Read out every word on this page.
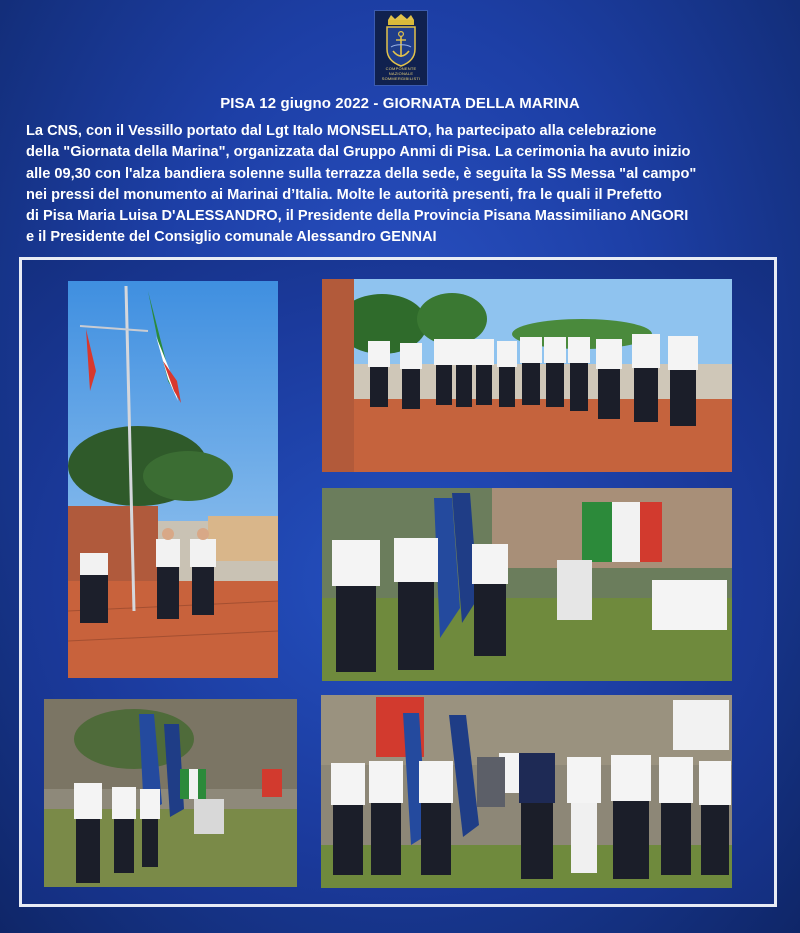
COMPONENTE NAZIONALE
SOMMERGIBILISTI
PISA 12 giugno 2022 - GIORNATA DELLA MARINA
La CNS, con il Vessillo portato dal Lgt Italo MONSELLATO, ha partecipato alla celebrazione
della "Giornata della Marina", organizzata dal Gruppo Anmi di Pisa. La cerimonia ha avuto inizio
alle 09,30 con l'alza bandiera solenne sulla terrazza della sede, è seguita la SS Messa "al campo"
nei pressi del monumento ai Marinai d’Italia. Molte le autorità presenti, fra le quali il Prefetto
di Pisa Maria Luisa D'ALESSANDRO, il Presidente della Provincia Pisana Massimiliano ANGORI
e il Presidente del Consiglio comunale Alessandro GENNAI
